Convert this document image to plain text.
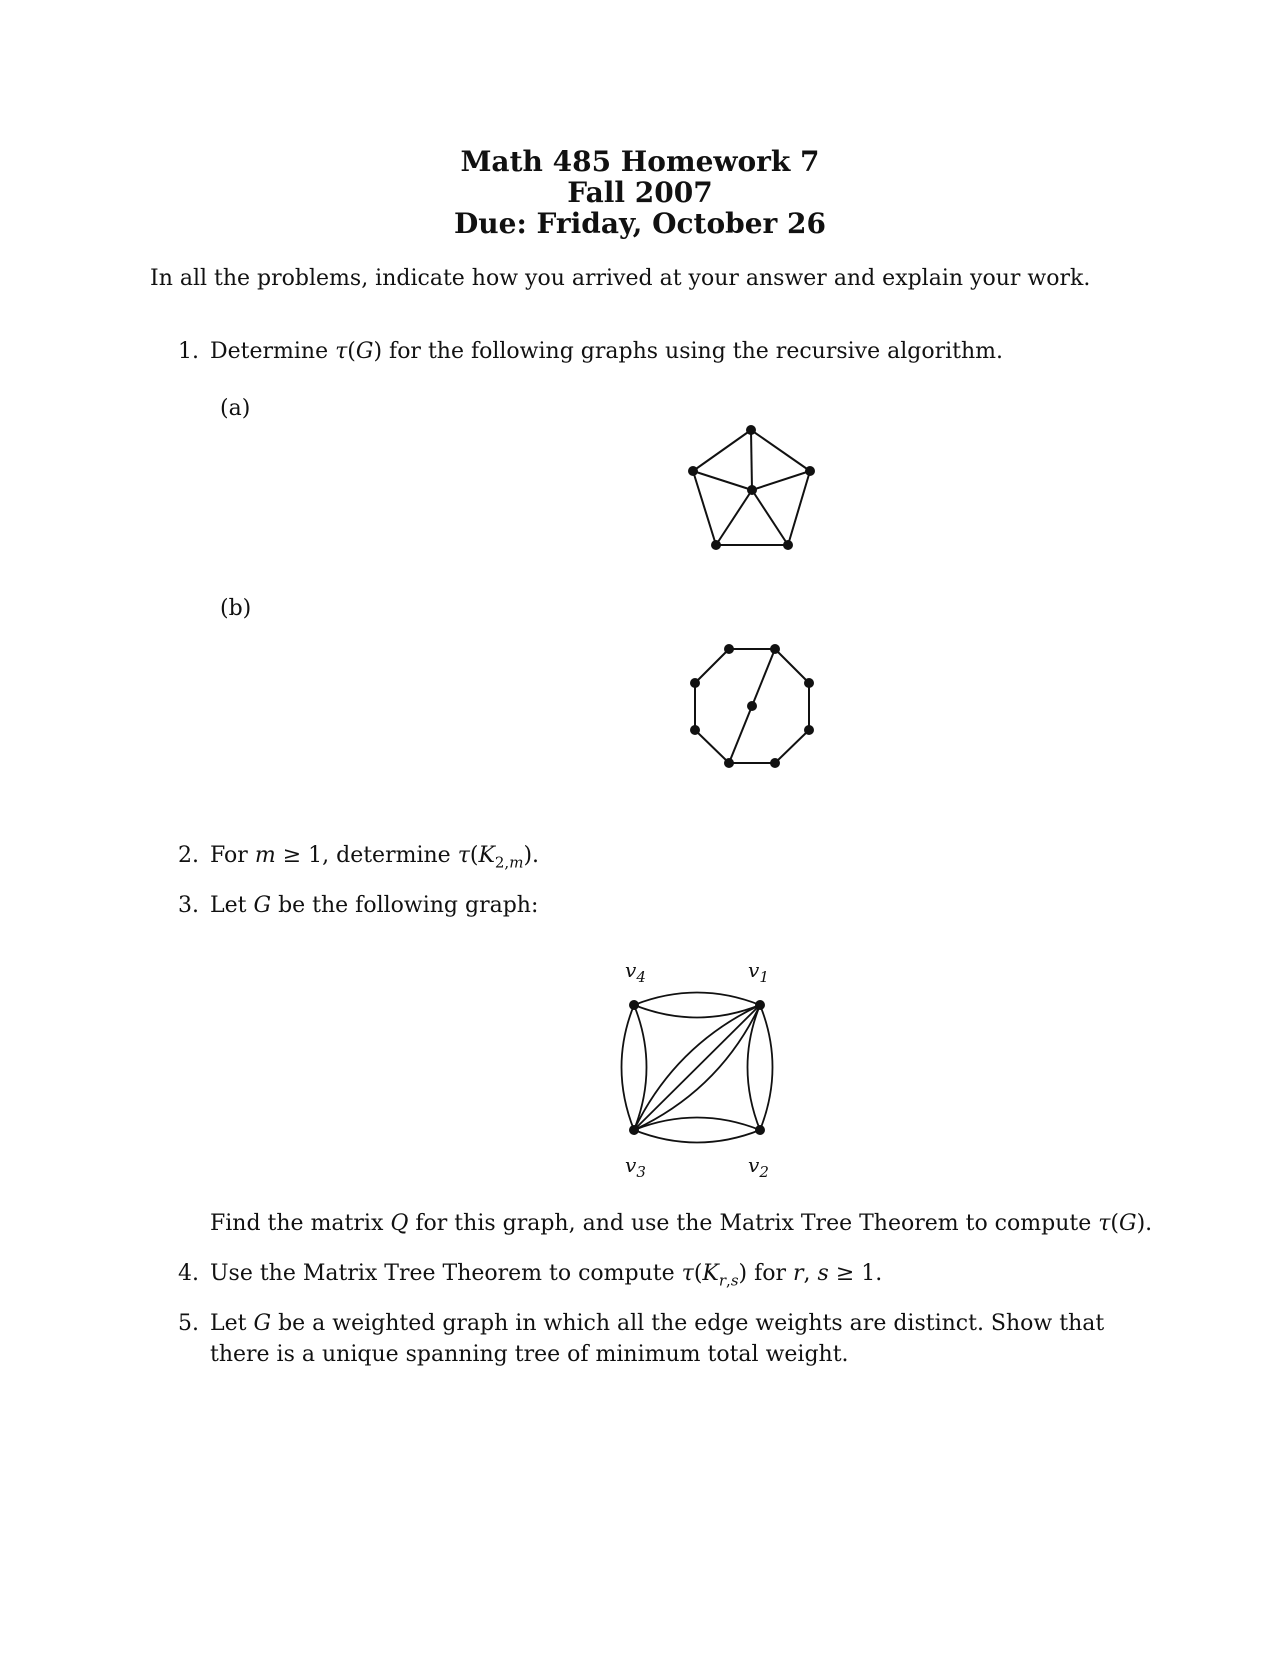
Math 485 Homework 7
Fall 2007
Due: Friday, October 26
In all the problems, indicate how you arrived at your answer and explain your work.
1. Determine τ(G) for the following graphs using the recursive algorithm.
(a)
(b)
2. For m ≥ 1, determine $\tau(K_{2,m})$.
3. Let G be the following graph:
$v_4$	$v_1$
$v_3$	$v_2$
Find the matrix Q for this graph, and use the Matrix Tree Theorem to compute τ(G).
4. Use the Matrix Tree Theorem to compute $\tau(K_{r,s})$ for r, s ≥ 1.
5. Let G be a weighted graph in which all the edge weights are distinct. Show that there is a unique spanning tree of minimum total weight.
